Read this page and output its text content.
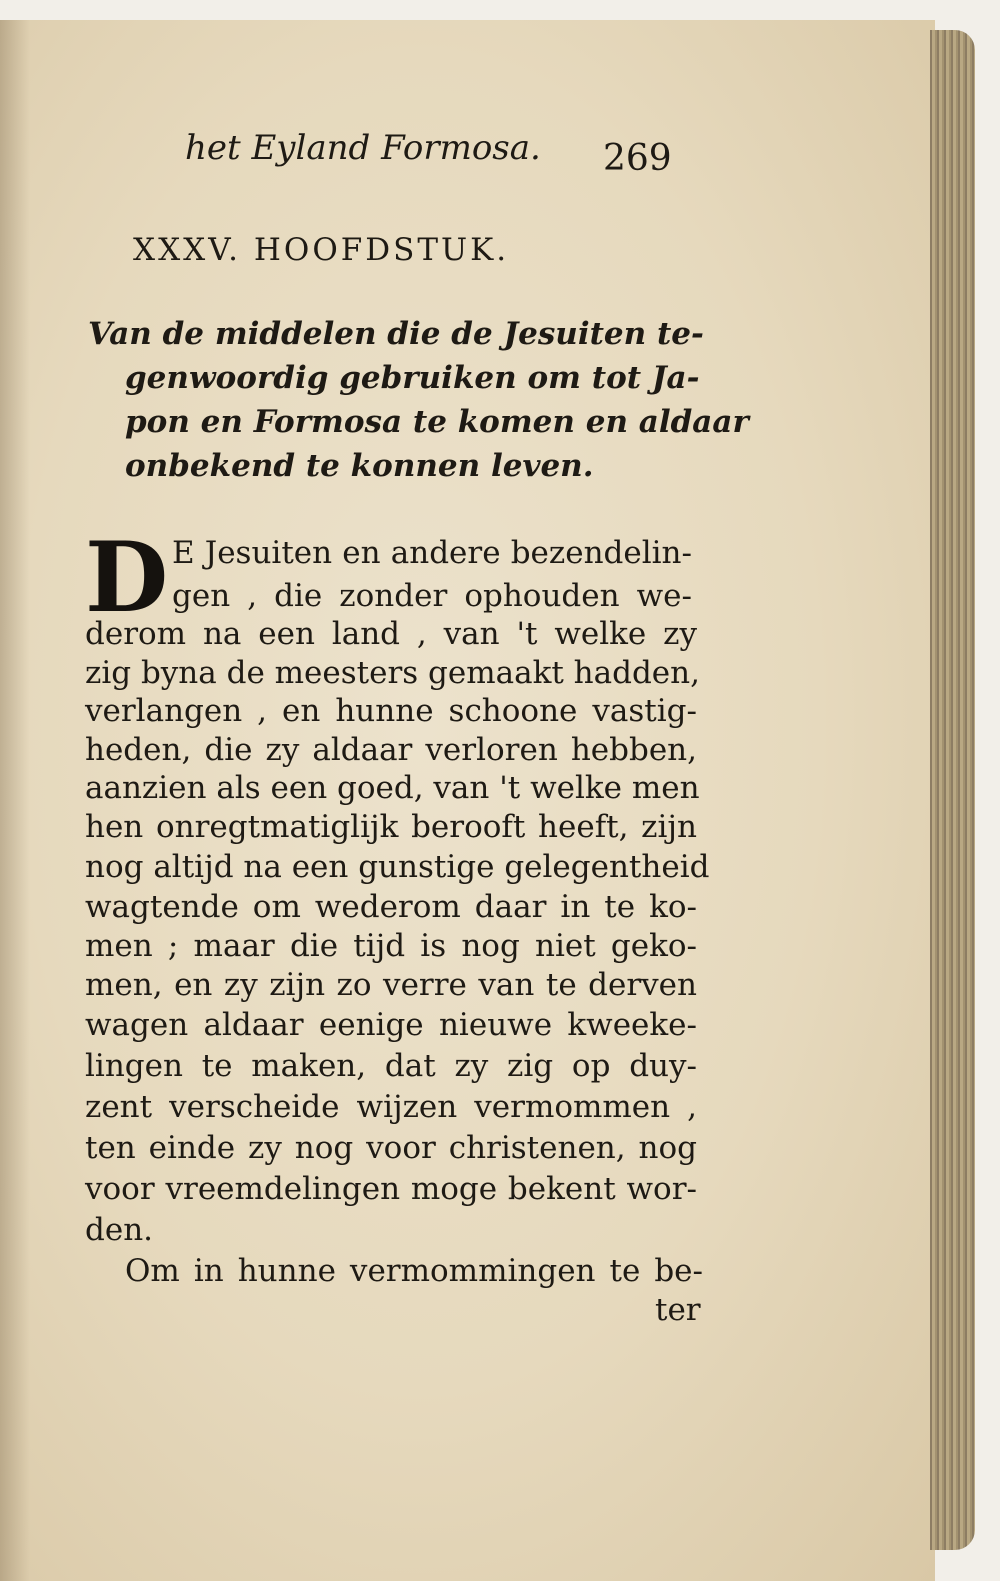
het Eyland Formosa. 269
XXXV. HOOFDSTUK.
Van de middelen die de Jesuiten te-
genwoordig gebruiken om tot Ja-
pon en Formosa te komen en aldaar
onbekend te konnen leven.
D E Jesuiten en andere bezendelin-
gen , die zonder ophouden we-
derom na een land , van 't welke zy
zig byna de meesters gemaakt hadden,
verlangen , en hunne schoone vastig-
heden, die zy aldaar verloren hebben,
aanzien als een goed, van 't welke men
hen onregtmatiglijk berooft heeft, zijn
nog altijd na een gunstige gelegentheid
wagtende om wederom daar in te ko-
men ; maar die tijd is nog niet geko-
men, en zy zijn zo verre van te derven
wagen aldaar eenige nieuwe kweeke-
lingen te maken, dat zy zig op duy-
zent verscheide wijzen vermommen ,
ten einde zy nog voor christenen, nog
voor vreemdelingen moge bekent wor-
den.
Om in hunne vermommingen te be-
ter
